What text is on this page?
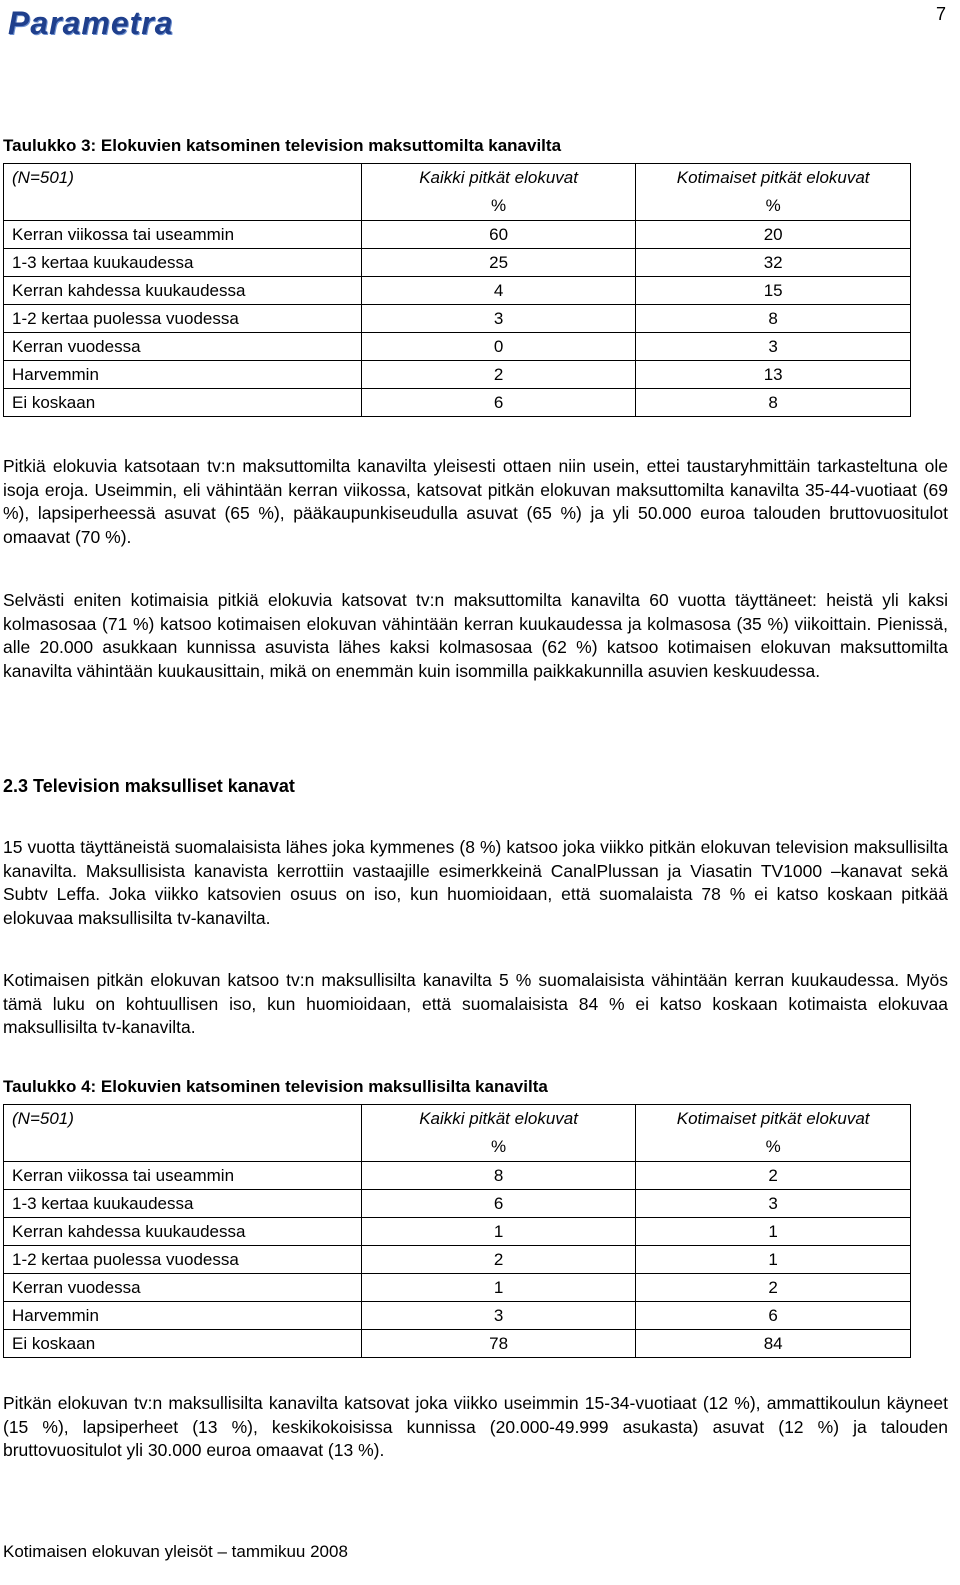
Parametra	7
Taulukko 3: Elokuvien katsominen television maksuttomilta kanavilta
(N=501)	Kaikki pitkät elokuvat	Kotimaiset pitkät elokuvat
	%	%
Kerran viikossa tai useammin	60	20
1-3 kertaa kuukaudessa	25	32
Kerran kahdessa kuukaudessa	4	15
1-2 kertaa puolessa vuodessa	3	8
Kerran vuodessa	0	3
Harvemmin	2	13
Ei koskaan	6	8

Pitkiä elokuvia katsotaan tv:n maksuttomilta kanavilta yleisesti ottaen niin usein, ettei taustaryhmittäin tarkasteltuna ole isoja eroja. Useimmin, eli vähintään kerran viikossa, katsovat pitkän elokuvan maksuttomilta kanavilta 35-44-vuotiaat (69 %), lapsiperheessä asuvat (65 %), pääkaupunkiseudulla asuvat (65 %) ja yli 50.000 euroa talouden bruttovuositulot omaavat (70 %).

Selvästi eniten kotimaisia pitkiä elokuvia katsovat tv:n maksuttomilta kanavilta 60 vuotta täyttäneet: heistä yli kaksi kolmasosaa (71 %) katsoo kotimaisen elokuvan vähintään kerran kuukaudessa ja kolmasosa (35 %) viikoittain. Pienissä, alle 20.000 asukkaan kunnissa asuvista lähes kaksi kolmasosaa (62 %) katsoo kotimaisen elokuvan maksuttomilta kanavilta vähintään kuukausittain, mikä on enemmän kuin isommilla paikkakunnilla asuvien keskuudessa.

2.3 Television maksulliset kanavat

15 vuotta täyttäneistä suomalaisista lähes joka kymmenes (8 %) katsoo joka viikko pitkän elokuvan television maksullisilta kanavilta. Maksullisista kanavista kerrottiin vastaajille esimerkkeinä CanalPlussan ja Viasatin TV1000 –kanavat sekä Subtv Leffa. Joka viikko katsovien osuus on iso, kun huomioidaan, että suomalaista 78 % ei katso koskaan pitkää elokuvaa maksullisilta tv-kanavilta.

Kotimaisen pitkän elokuvan katsoo tv:n maksullisilta kanavilta 5 % suomalaisista vähintään kerran kuukaudessa. Myös tämä luku on kohtuullisen iso, kun huomioidaan, että suomalaisista 84 % ei katso koskaan kotimaista elokuvaa maksullisilta tv-kanavilta.

Taulukko 4: Elokuvien katsominen television maksullisilta kanavilta
(N=501)	Kaikki pitkät elokuvat	Kotimaiset pitkät elokuvat
	%	%
Kerran viikossa tai useammin	8	2
1-3 kertaa kuukaudessa	6	3
Kerran kahdessa kuukaudessa	1	1
1-2 kertaa puolessa vuodessa	2	1
Kerran vuodessa	1	2
Harvemmin	3	6
Ei koskaan	78	84

Pitkän elokuvan tv:n maksullisilta kanavilta katsovat joka viikko useimmin 15-34-vuotiaat (12 %), ammattikoulun käyneet (15 %), lapsiperheet (13 %), keskikokoisissa kunnissa (20.000-49.999 asukasta) asuvat (12 %) ja talouden bruttovuositulot yli 30.000 euroa omaavat (13 %).

Kotimaisen elokuvan yleisöt – tammikuu 2008
